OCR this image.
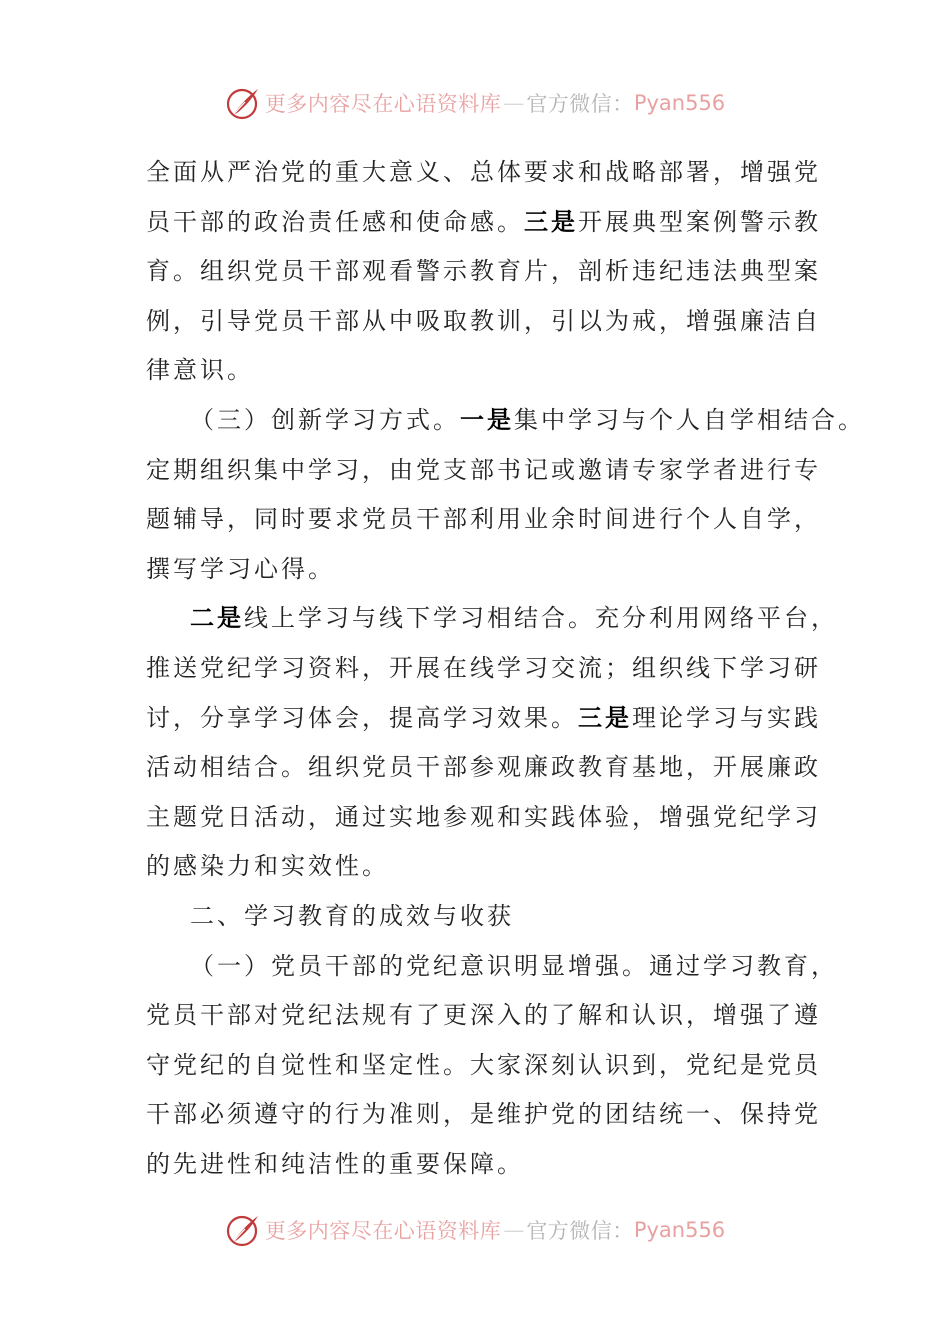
更多内容尽在心语资料库 — 官方微信： Pyan556
全面从严治党的重大意义、总体要求和战略部署，增强党
员干部的政治责任感和使命感。三是开展典型案例警示教
育。组织党员干部观看警示教育片，剖析违纪违法典型案
例，引导党员干部从中吸取教训，引以为戒，增强廉洁自
律意识。
（三）创新学习方式。一是集中学习与个人自学相结合。
定期组织集中学习，由党支部书记或邀请专家学者进行专
题辅导，同时要求党员干部利用业余时间进行个人自学，
撰写学习心得。
二是线上学习与线下学习相结合。充分利用网络平台，
推送党纪学习资料，开展在线学习交流；组织线下学习研
讨，分享学习体会，提高学习效果。三是理论学习与实践
活动相结合。组织党员干部参观廉政教育基地，开展廉政
主题党日活动，通过实地参观和实践体验，增强党纪学习
的感染力和实效性。
二、学习教育的成效与收获
（一）党员干部的党纪意识明显增强。通过学习教育，
党员干部对党纪法规有了更深入的了解和认识，增强了遵
守党纪的自觉性和坚定性。大家深刻认识到，党纪是党员
干部必须遵守的行为准则，是维护党的团结统一、保持党
的先进性和纯洁性的重要保障。
更多内容尽在心语资料库 — 官方微信： Pyan556
